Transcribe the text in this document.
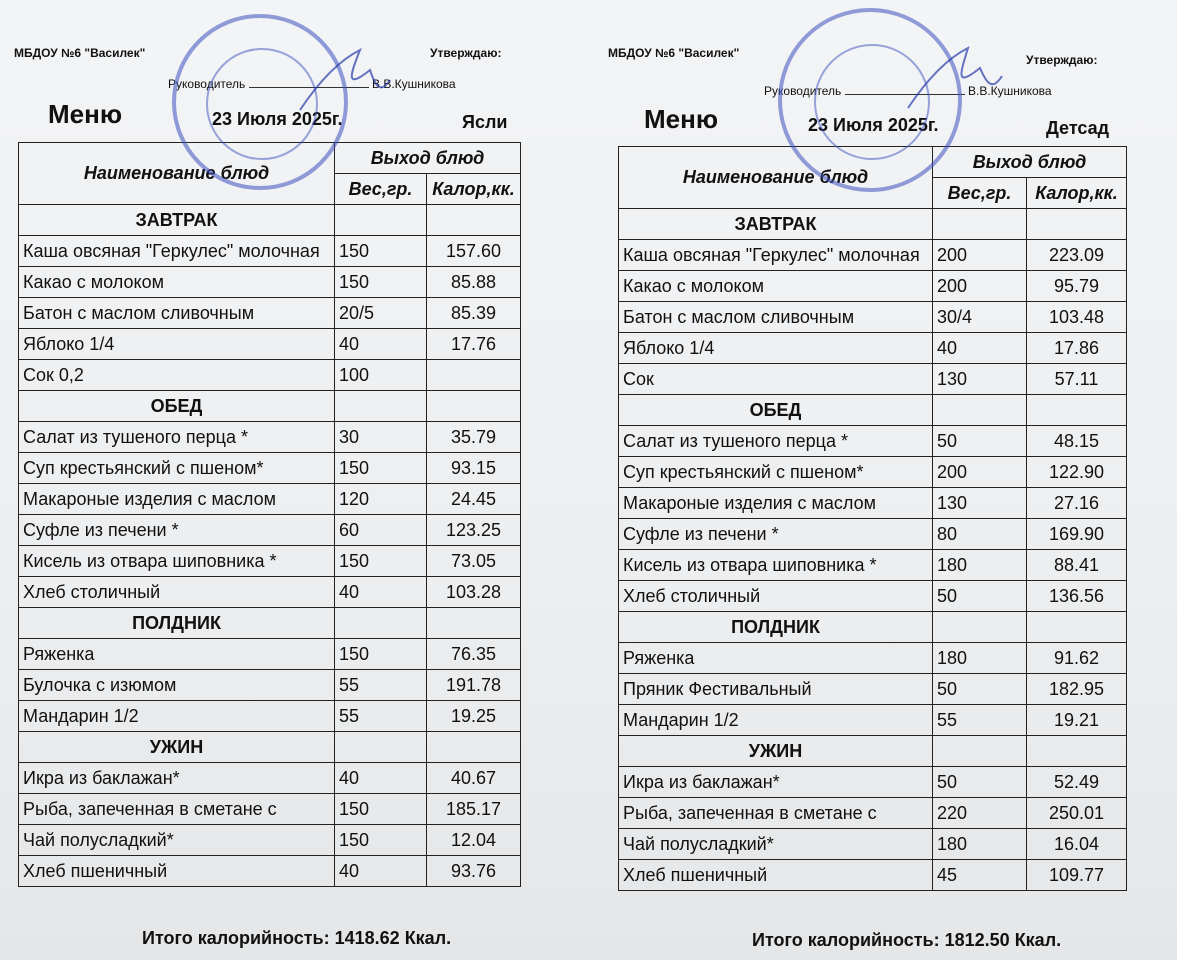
МБДОУ №6 "Василек"	Утверждаю:
Руководитель	В.В.Кушникова
Меню	23 Июля 2025г.	Ясли
Наименование блюд	Выход блюд	
	Вес,гр.	Калор,кк.
ЗАВТРАК		
Каша овсяная "Геркулес" молочная	150	157.60
Какао с молоком	150	85.88
Батон с маслом сливочным	20/5	85.39
Яблоко 1/4	40	17.76
Сок 0,2	100	
ОБЕД		
Салат из тушеного перца *	30	35.79
Суп крестьянский с пшеном*	150	93.15
Макароные изделия с маслом	120	24.45
Суфле из печени *	60	123.25
Кисель из отвара шиповника *	150	73.05
Хлеб столичный	40	103.28
ПОЛДНИК		
Ряженка	150	76.35
Булочка с изюмом	55	191.78
Мандарин 1/2	55	19.25
УЖИН		
Икра из баклажан*	40	40.67
Рыба, запеченная в сметане с	150	185.17
Чай полусладкий*	150	12.04
Хлеб пшеничный	40	93.76
Итого калорийность: 1418.62 Ккал.
МБДОУ №6 "Василек"	Утверждаю:
Руководитель	В.В.Кушникова
Меню	23 Июля 2025г.	Детсад
Наименование блюд	Выход блюд	
	Вес,гр.	Калор,кк.
ЗАВТРАК		
Каша овсяная "Геркулес" молочная	200	223.09
Какао с молоком	200	95.79
Батон с маслом сливочным	30/4	103.48
Яблоко 1/4	40	17.86
Сок	130	57.11
ОБЕД		
Салат из тушеного перца *	50	48.15
Суп крестьянский с пшеном*	200	122.90
Макароные изделия с маслом	130	27.16
Суфле из печени *	80	169.90
Кисель из отвара шиповника *	180	88.41
Хлеб столичный	50	136.56
ПОЛДНИК		
Ряженка	180	91.62
Пряник Фестивальный	50	182.95
Мандарин 1/2	55	19.21
УЖИН		
Икра из баклажан*	50	52.49
Рыба, запеченная в сметане с	220	250.01
Чай полусладкий*	180	16.04
Хлеб пшеничный	45	109.77
Итого калорийность: 1812.50 Ккал.
